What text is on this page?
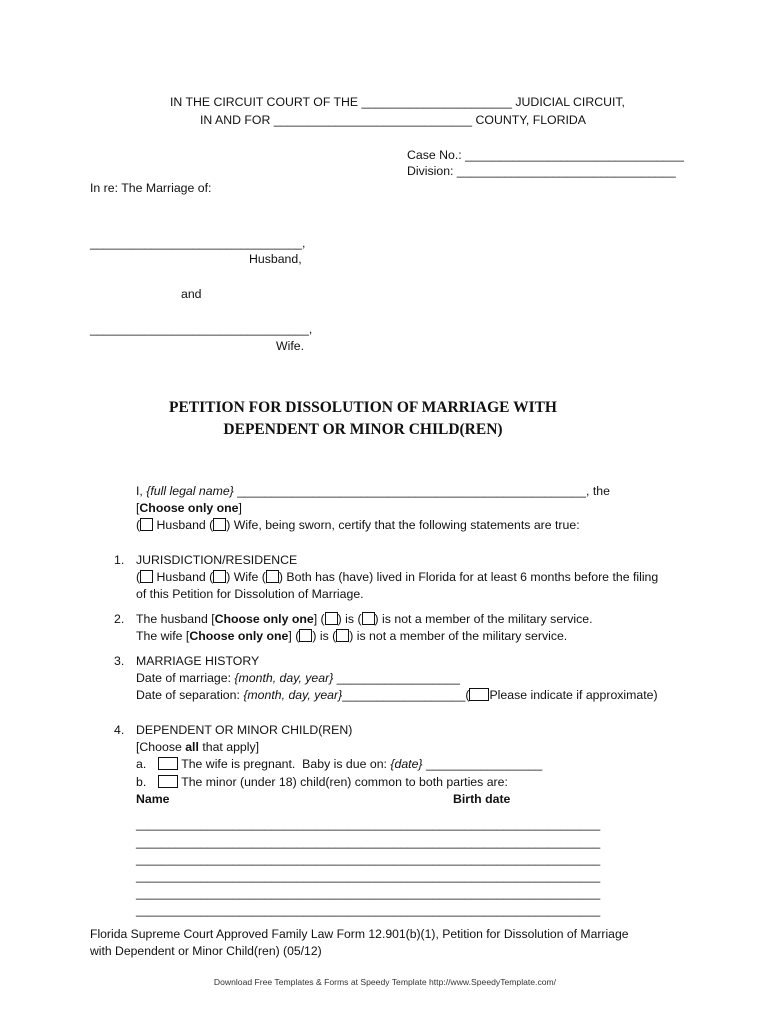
IN THE CIRCUIT COURT OF THE ______________________ JUDICIAL CIRCUIT,
IN AND FOR _____________________________ COUNTY, FLORIDA
Case No.: ________________________________
Division: ________________________________
In re: The Marriage of:
_______________________________,
Husband,
and
________________________________,
Wife.
PETITION FOR DISSOLUTION OF MARRIAGE WITH
DEPENDENT OR MINOR CHILD(REN)
I, {full legal name} ___________________________________________________, the
[Choose only one]
( Husband ( ) Wife, being sworn, certify that the following statements are true:
1. JURISDICTION/RESIDENCE
( Husband ( ) Wife ( ) Both has (have) lived in Florida for at least 6 months before the filing
of this Petition for Dissolution of Marriage.
2. The husband [Choose only one] ( ) is ( ) is not a member of the military service.
The wife [Choose only one] ( ) is ( ) is not a member of the military service.
3. MARRIAGE HISTORY
Date of marriage: {month, day, year} __________________
Date of separation: {month, day, year}__________________( Please indicate if approximate)
4. DEPENDENT OR MINOR CHILD(REN)
[Choose all that apply]
a.	The wife is pregnant.  Baby is due on: {date} _________________
b.	The minor (under 18) child(ren) common to both parties are:
Name	Birth date
________________________________________________________________________
________________________________________________________________________
________________________________________________________________________
________________________________________________________________________
________________________________________________________________________
________________________________________________________________________
Florida Supreme Court Approved Family Law Form 12.901(b)(1), Petition for Dissolution of Marriage
with Dependent or Minor Child(ren) (05/12)
Download Free Templates & Forms at Speedy Template http://www.SpeedyTemplate.com/
